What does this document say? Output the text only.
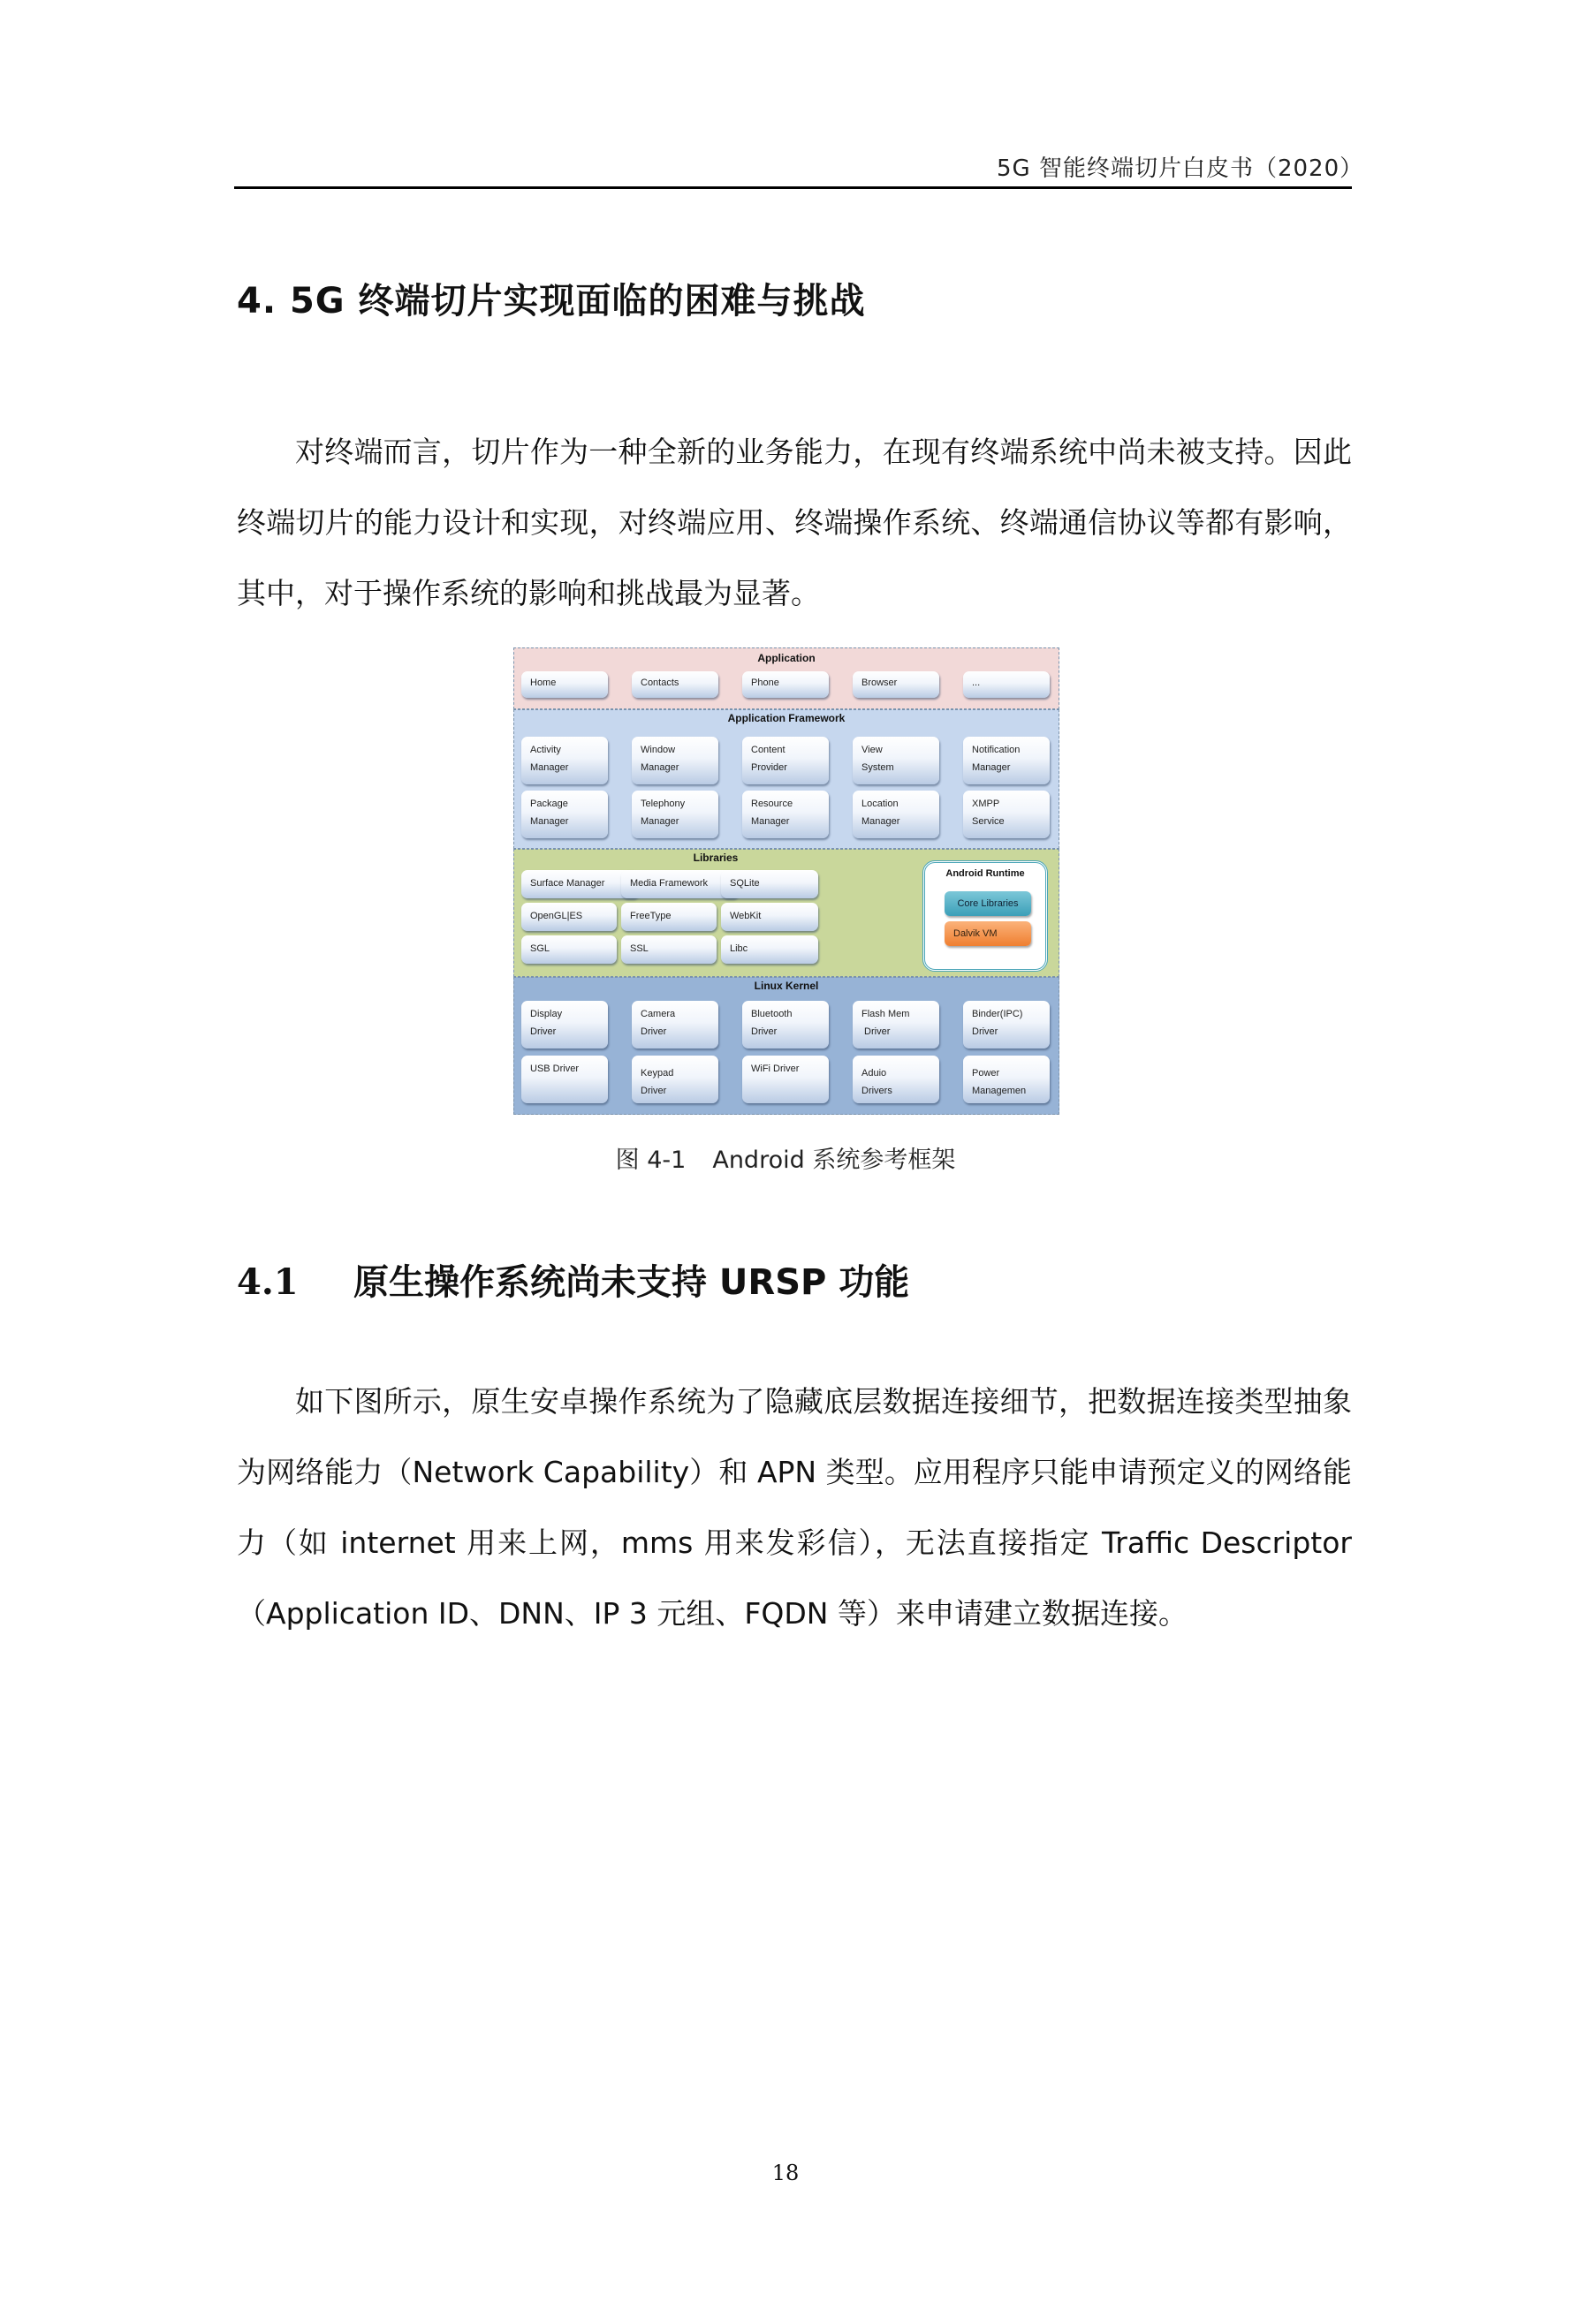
5G 智能终端切片白皮书（2020）
4. 5G 终端切片实现面临的困难与挑战
对终端而言，切片作为一种全新的业务能力，在现有终端系统中尚未被支持。因此终端切片的能力设计和实现，对终端应用、终端操作系统、终端通信协议等都有影响，其中，对于操作系统的影响和挑战最为显著。
Application
Home	Contacts	Phone	Browser	...
Application Framework
Activity
Manager
Window
Manager
Content
Provider
View
System
Notification
Manager
Package
Manager
Telephony
Manager
Resource
Manager
Location
Manager
XMPP
Service
Libraries
Surface Manager	Media Framework	SQLite
OpenGL|ES	FreeType	WebKit
SGL	SSL	Libc
Android Runtime
Core Libraries
Dalvik VM
Linux Kernel
Display
Driver
Camera
Driver
Bluetooth
Driver
Flash Mem
Driver
Binder(IPC)
Driver
USB Driver	Keypad
Driver
WiFi Driver	Aduio
Drivers
Power
Managemen
图 4-1 Android 系统参考框架
4.1 原生操作系统尚未支持 URSP 功能
如下图所示，原生安卓操作系统为了隐藏底层数据连接细节，把数据连接类型抽象为网络能力（Network Capability）和 APN 类型。应用程序只能申请预定义的网络能力（如 internet 用来上网，mms 用来发彩信），无法直接指定 Traffic Descriptor（Application ID、DNN、IP 3 元组、FQDN 等）来申请建立数据连接。
18
